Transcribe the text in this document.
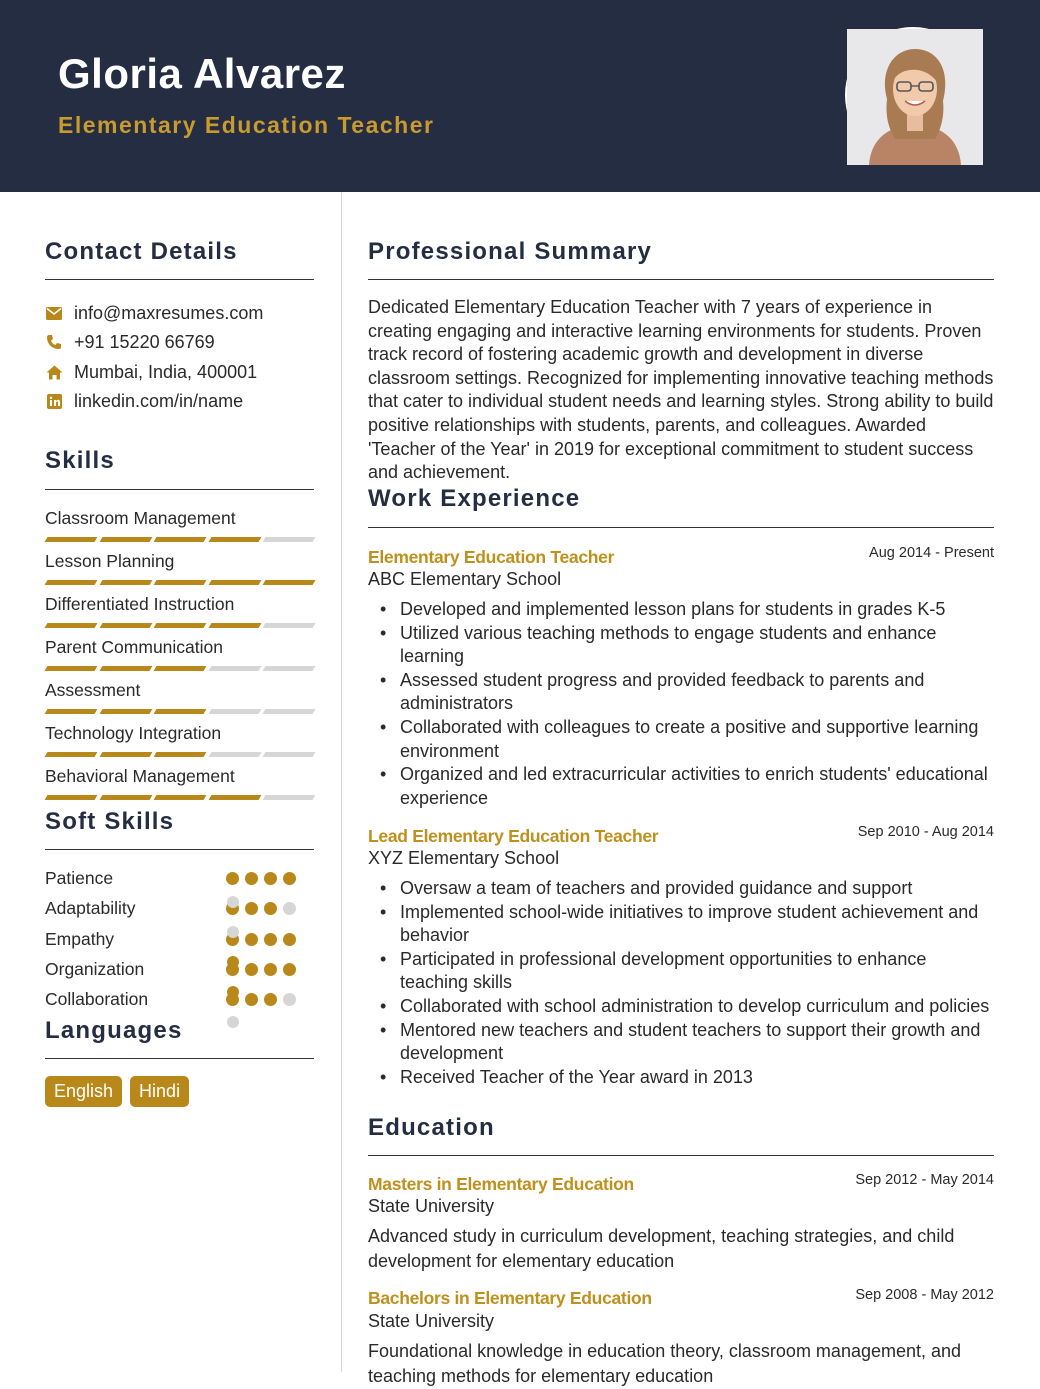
Gloria Alvarez
Elementary Education Teacher
Contact Details
info@maxresumes.com
+91 15220 66769
Mumbai, India, 400001
linkedin.com/in/name
Skills
Classroom Management
Lesson Planning
Differentiated Instruction
Parent Communication
Assessment
Technology Integration
Behavioral Management
Soft Skills
Patience
Adaptability
Empathy
Organization
Collaboration
Languages
English	Hindi
Professional Summary
Dedicated Elementary Education Teacher with 7 years of experience in creating engaging and interactive learning environments for students. Proven track record of fostering academic growth and development in diverse classroom settings. Recognized for implementing innovative teaching methods that cater to individual student needs and learning styles. Strong ability to build positive relationships with students, parents, and colleagues. Awarded 'Teacher of the Year' in 2019 for exceptional commitment to student success and achievement.
Work Experience
Elementary Education Teacher	Aug 2014 - Present
ABC Elementary School
• Developed and implemented lesson plans for students in grades K-5
• Utilized various teaching methods to engage students and enhance learning
• Assessed student progress and provided feedback to parents and administrators
• Collaborated with colleagues to create a positive and supportive learning environment
• Organized and led extracurricular activities to enrich students' educational experience
Lead Elementary Education Teacher	Sep 2010 - Aug 2014
XYZ Elementary School
• Oversaw a team of teachers and provided guidance and support
• Implemented school-wide initiatives to improve student achievement and behavior
• Participated in professional development opportunities to enhance teaching skills
• Collaborated with school administration to develop curriculum and policies
• Mentored new teachers and student teachers to support their growth and development
• Received Teacher of the Year award in 2013
Education
Masters in Elementary Education	Sep 2012 - May 2014
State University
Advanced study in curriculum development, teaching strategies, and child development for elementary education
Bachelors in Elementary Education	Sep 2008 - May 2012
State University
Foundational knowledge in education theory, classroom management, and teaching methods for elementary education
